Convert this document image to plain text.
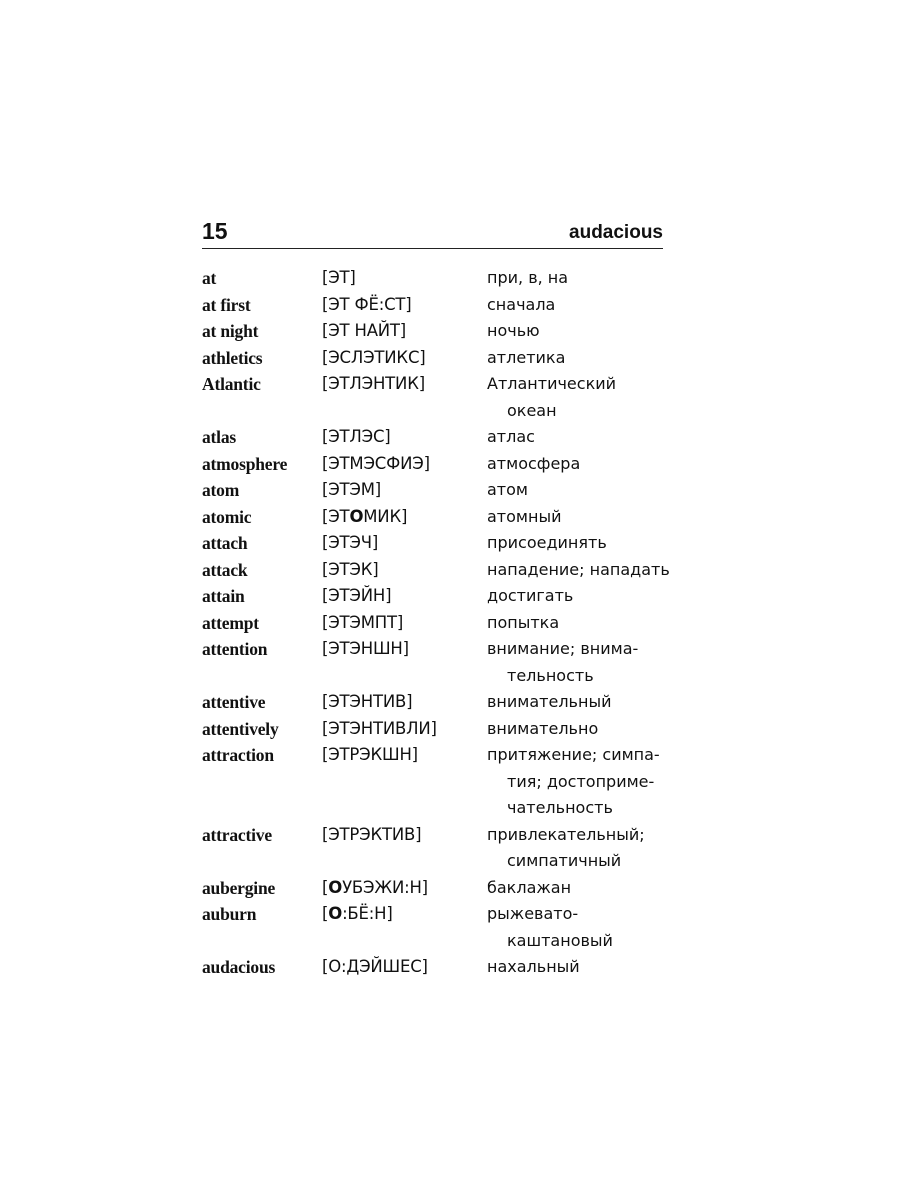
15	audacious
at	[ЭТ]	при, в, на
at first	[ЭТ ФЁ:СТ]	сначала
at night	[ЭТ НАЙТ]	ночью
athletics	[ЭСЛЭТИКС]	атлетика
Atlantic	[ЭТЛЭНТИК]	Атлантический
океан
atlas	[ЭТЛЭС]	атлас
atmosphere	[ЭТМЭСФИЭ]	атмосфера
atom	[ЭТЭМ]	атом
atomic	[ЭТОМИК]	атомный
attach	[ЭТЭЧ]	присоединять
attack	[ЭТЭК]	нападение; нападать
attain	[ЭТЭЙН]	достигать
attempt	[ЭТЭМПТ]	попытка
attention	[ЭТЭНШН]	внимание; внима-
тельность
attentive	[ЭТЭНТИВ]	внимательный
attentively	[ЭТЭНТИВЛИ]	внимательно
attraction	[ЭТРЭКШН]	притяжение; симпа-
тия; достоприме-
чательность
attractive	[ЭТРЭКТИВ]	привлекательный;
симпатичный
aubergine	[ОУБЭЖИ:Н]	баклажан
auburn	[О:БЁ:Н]	рыжевато-
каштановый
audacious	[О:ДЭЙШЕС]	нахальный
